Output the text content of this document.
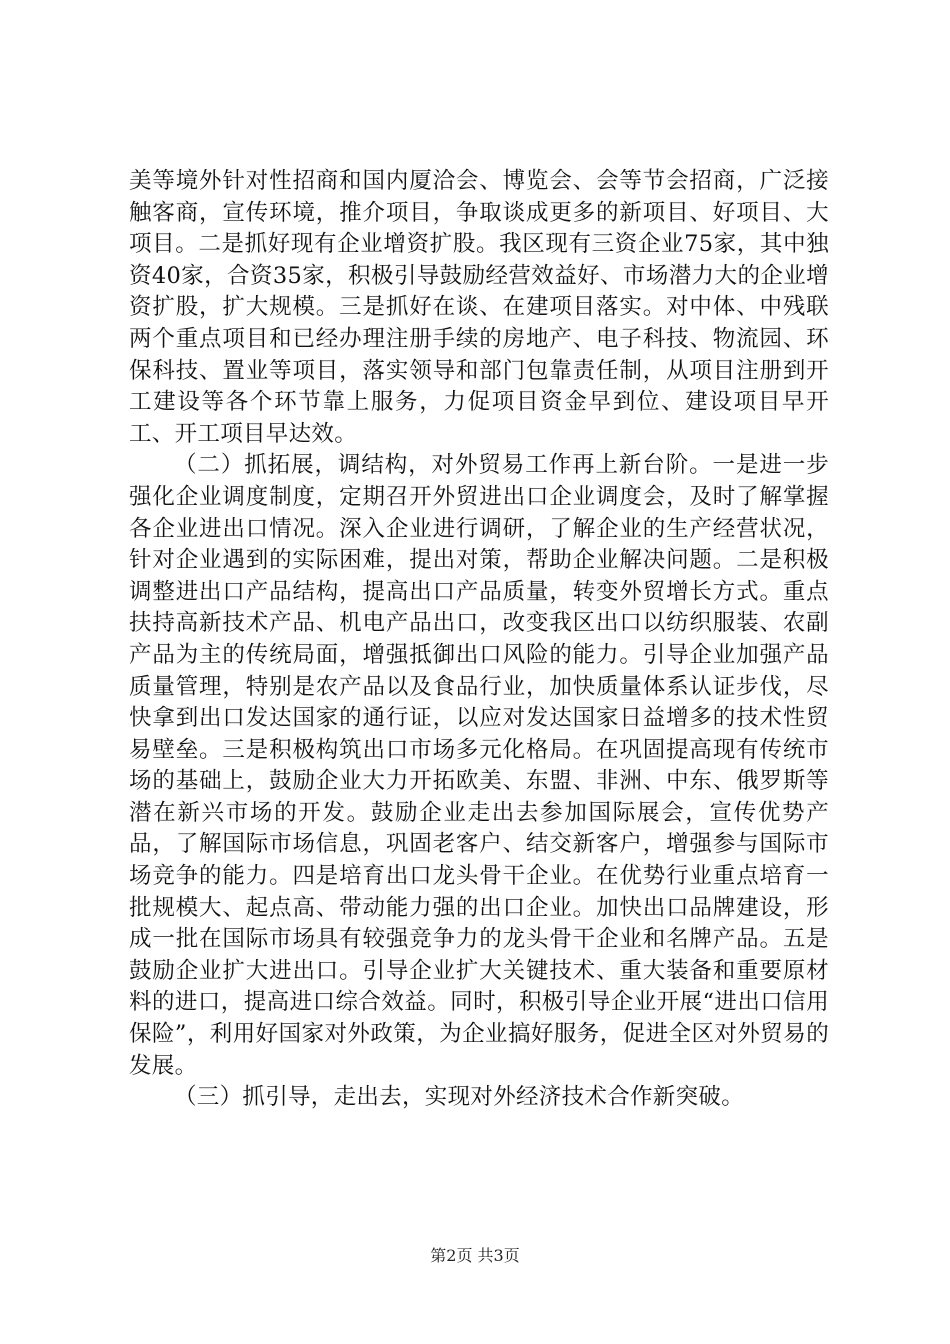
美等境外针对性招商和国内厦洽会、博览会、会等节会招商，广泛接触客商，宣传环境，推介项目，争取谈成更多的新项目、好项目、大项目。二是抓好现有企业增资扩股。我区现有三资企业75家，其中独资40家，合资35家，积极引导鼓励经营效益好、市场潜力大的企业增资扩股，扩大规模。三是抓好在谈、在建项目落实。对中体、中残联两个重点项目和已经办理注册手续的房地产、电子科技、物流园、环保科技、置业等项目，落实领导和部门包靠责任制，从项目注册到开工建设等各个环节靠上服务，力促项目资金早到位、建设项目早开工、开工项目早达效。

（二）抓拓展，调结构，对外贸易工作再上新台阶。一是进一步强化企业调度制度，定期召开外贸进出口企业调度会，及时了解掌握各企业进出口情况。深入企业进行调研，了解企业的生产经营状况，针对企业遇到的实际困难，提出对策，帮助企业解决问题。二是积极调整进出口产品结构，提高出口产品质量，转变外贸增长方式。重点扶持高新技术产品、机电产品出口，改变我区出口以纺织服装、农副产品为主的传统局面，增强抵御出口风险的能力。引导企业加强产品质量管理，特别是农产品以及食品行业，加快质量体系认证步伐，尽快拿到出口发达国家的通行证，以应对发达国家日益增多的技术性贸易壁垒。三是积极构筑出口市场多元化格局。在巩固提高现有传统市场的基础上，鼓励企业大力开拓欧美、东盟、非洲、中东、俄罗斯等潜在新兴市场的开发。鼓励企业走出去参加国际展会，宣传优势产品，了解国际市场信息，巩固老客户、结交新客户，增强参与国际市场竞争的能力。四是培育出口龙头骨干企业。在优势行业重点培育一批规模大、起点高、带动能力强的出口企业。加快出口品牌建设，形成一批在国际市场具有较强竞争力的龙头骨干企业和名牌产品。五是鼓励企业扩大进出口。引导企业扩大关键技术、重大装备和重要原材料的进口，提高进口综合效益。同时，积极引导企业开展“进出口信用保险”，利用好国家对外政策，为企业搞好服务，促进全区对外贸易的发展。

（三）抓引导，走出去，实现对外经济技术合作新突破。

第2页 共3页
